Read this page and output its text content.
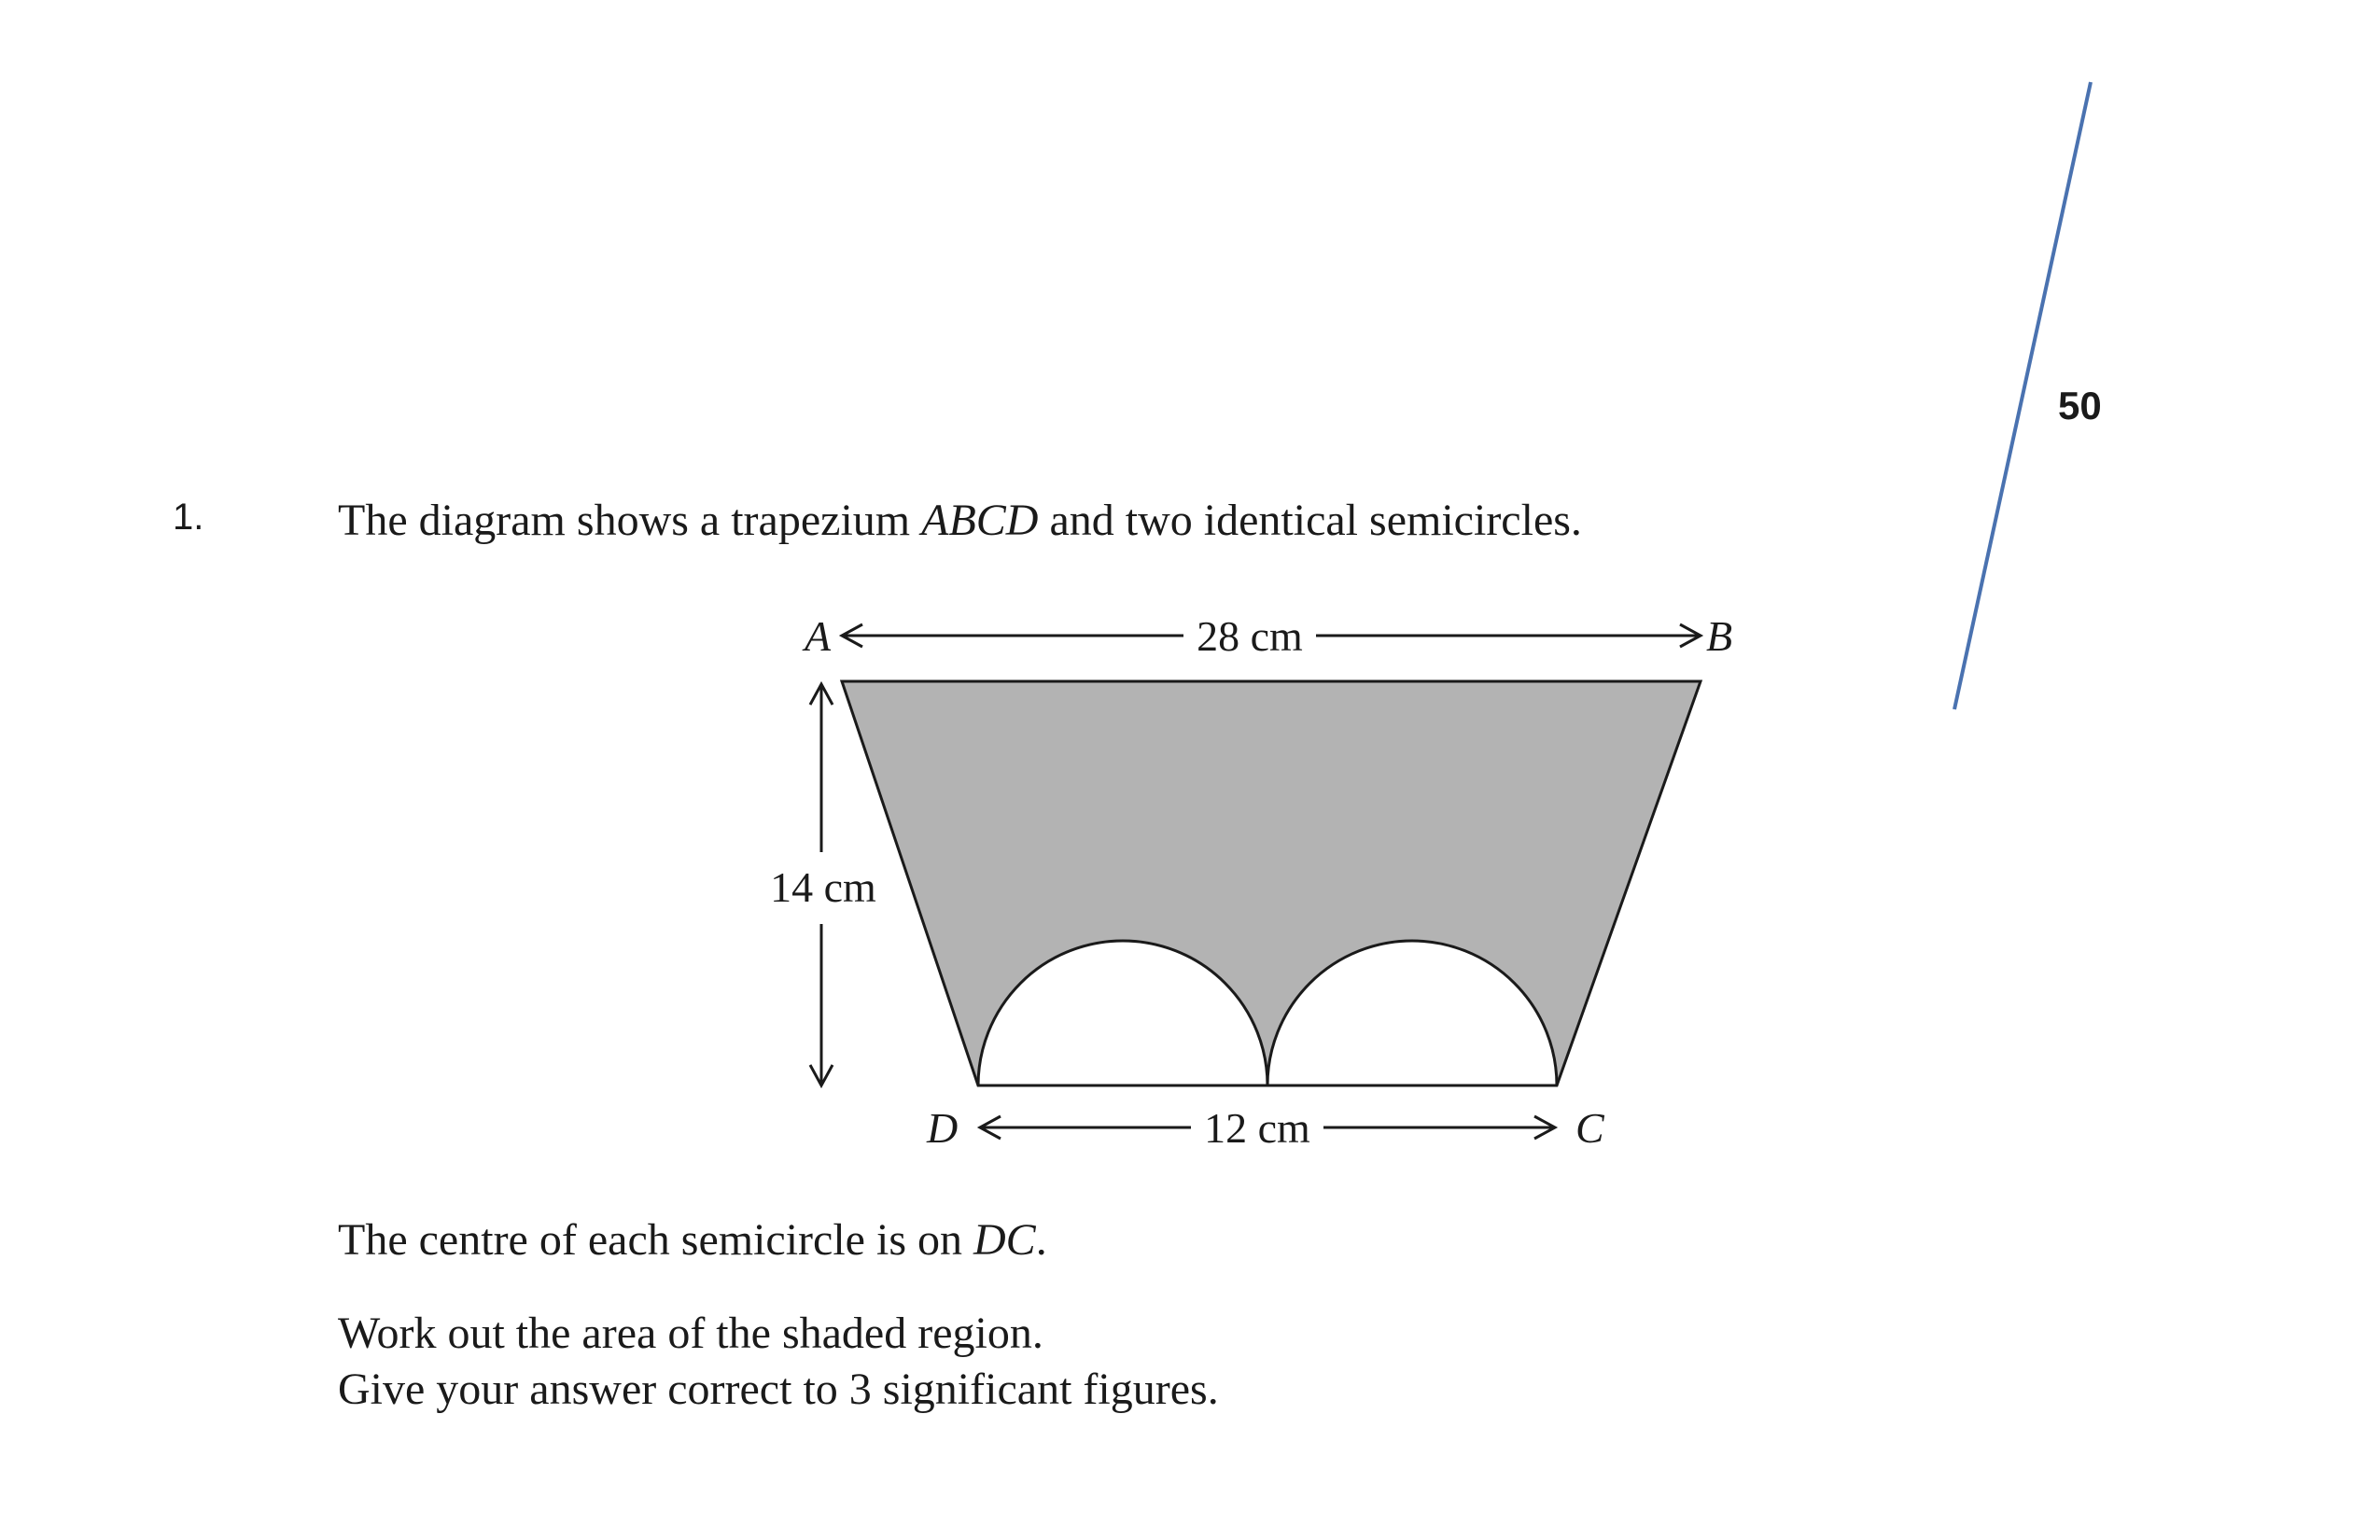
50
1.	The diagram shows a trapezium ABCD and two identical semicircles.
A	B
D	C
28 cm
14 cm
12 cm
The centre of each semicircle is on DC.
Work out the area of the shaded region.
Give your answer correct to 3 significant figures.
